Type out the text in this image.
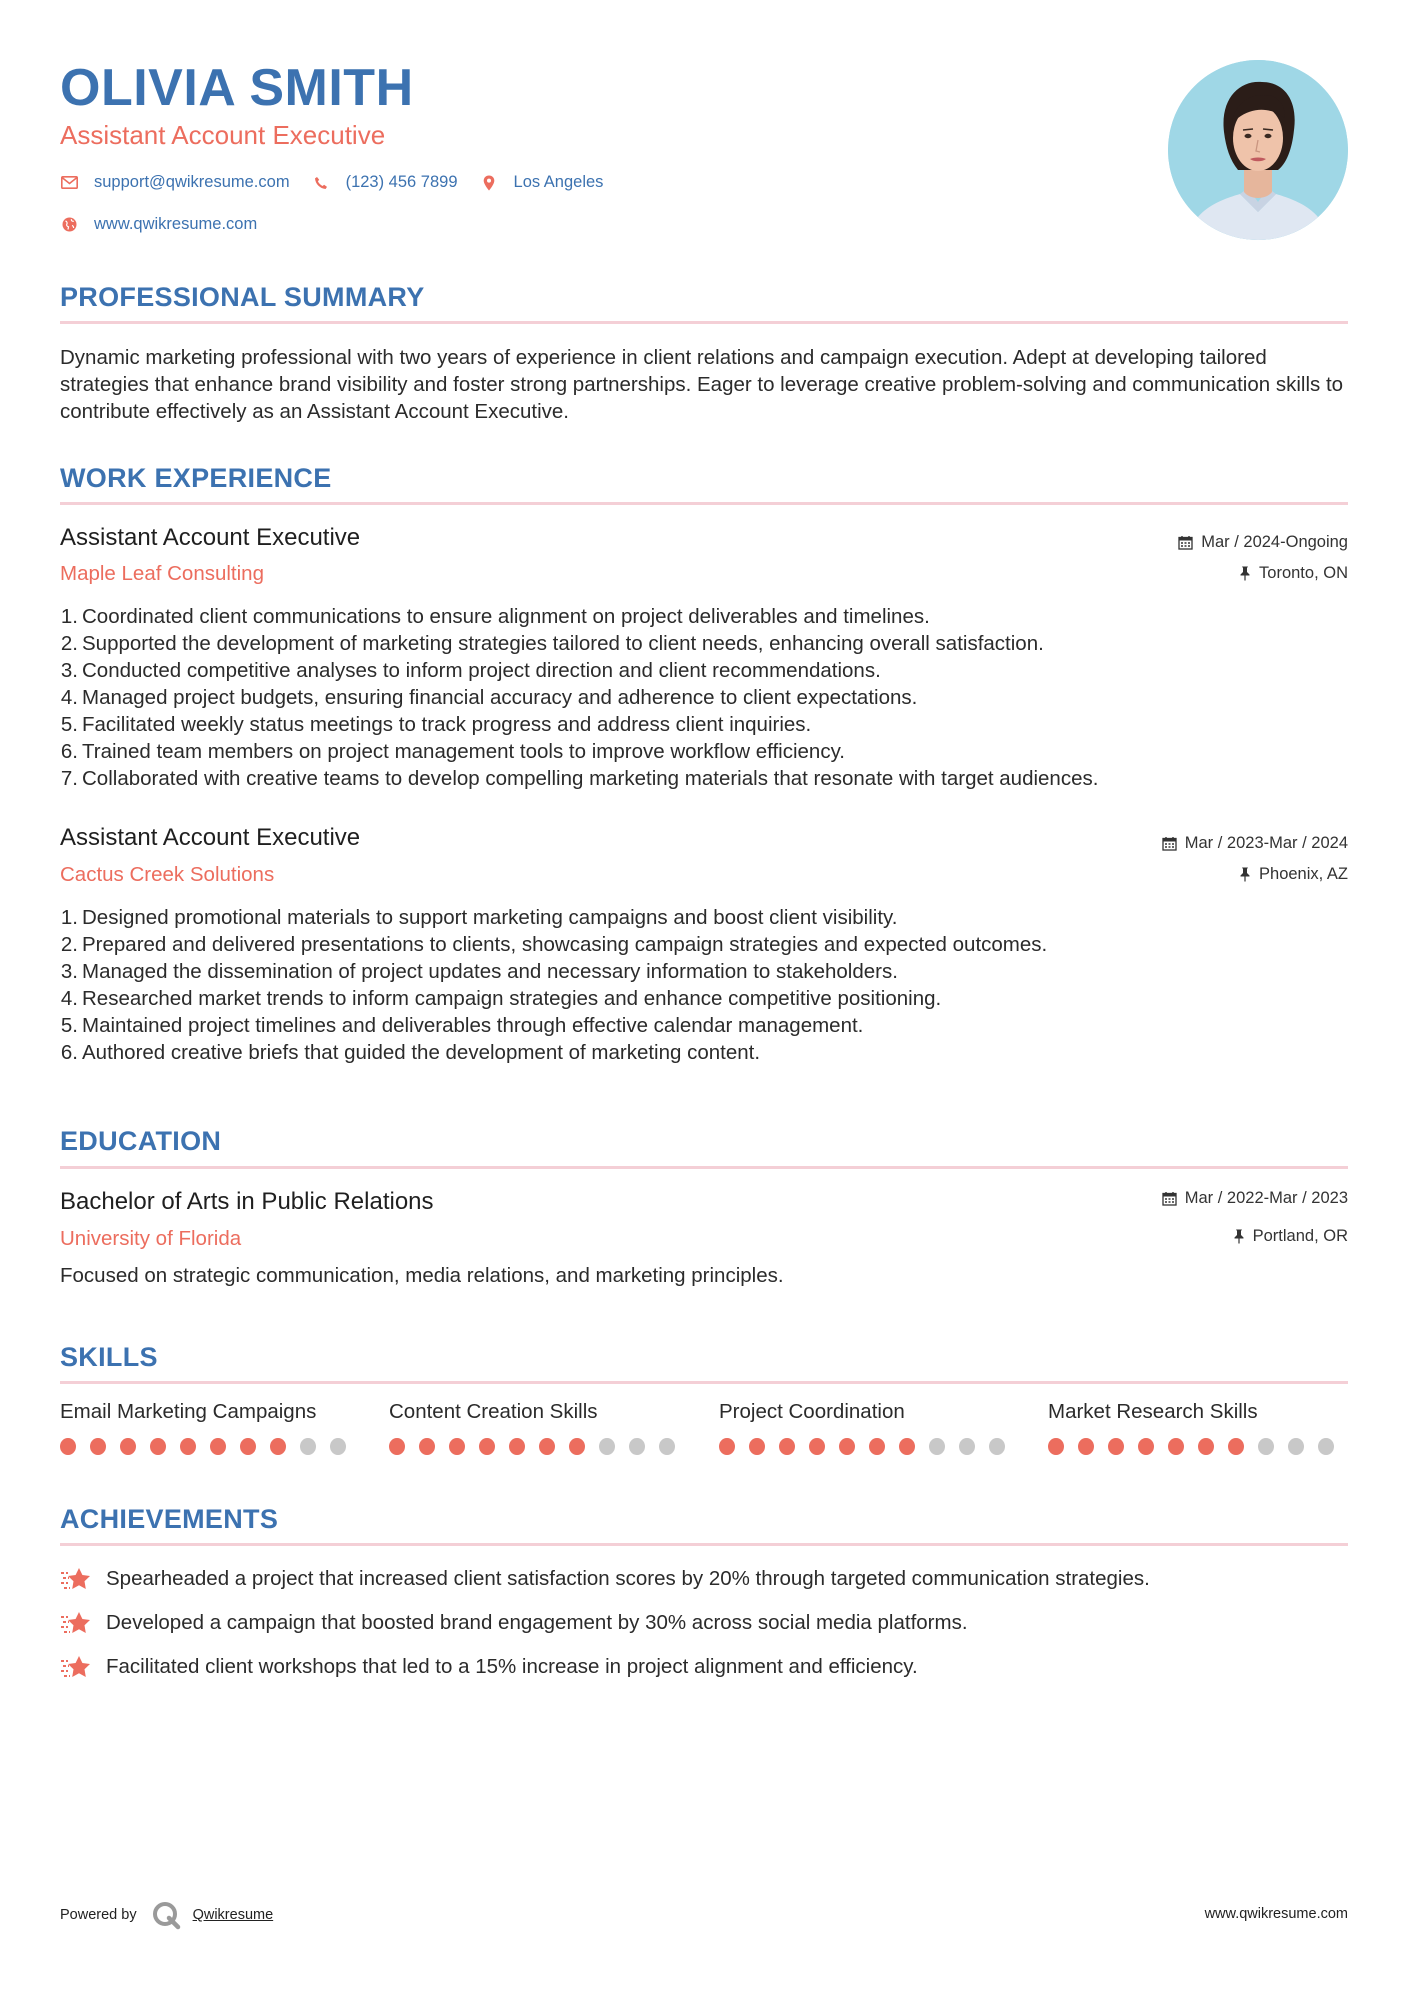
OLIVIA SMITH
Assistant Account Executive
support@qwikresume.com	(123) 456 7899	Los Angeles
www.qwikresume.com
PROFESSIONAL SUMMARY
Dynamic marketing professional with two years of experience in client relations and campaign execution. Adept at developing tailored strategies that enhance brand visibility and foster strong partnerships. Eager to leverage creative problem-solving and communication skills to contribute effectively as an Assistant Account Executive.
WORK EXPERIENCE
Assistant Account Executive	Mar / 2024-Ongoing
Maple Leaf Consulting	Toronto, ON
1. Coordinated client communications to ensure alignment on project deliverables and timelines.
2. Supported the development of marketing strategies tailored to client needs, enhancing overall satisfaction.
3. Conducted competitive analyses to inform project direction and client recommendations.
4. Managed project budgets, ensuring financial accuracy and adherence to client expectations.
5. Facilitated weekly status meetings to track progress and address client inquiries.
6. Trained team members on project management tools to improve workflow efficiency.
7. Collaborated with creative teams to develop compelling marketing materials that resonate with target audiences.
Assistant Account Executive	Mar / 2023-Mar / 2024
Cactus Creek Solutions	Phoenix, AZ
1. Designed promotional materials to support marketing campaigns and boost client visibility.
2. Prepared and delivered presentations to clients, showcasing campaign strategies and expected outcomes.
3. Managed the dissemination of project updates and necessary information to stakeholders.
4. Researched market trends to inform campaign strategies and enhance competitive positioning.
5. Maintained project timelines and deliverables through effective calendar management.
6. Authored creative briefs that guided the development of marketing content.
EDUCATION
Bachelor of Arts in Public Relations	Mar / 2022-Mar / 2023
University of Florida	Portland, OR
Focused on strategic communication, media relations, and marketing principles.
SKILLS
Email Marketing Campaigns	Content Creation Skills	Project Coordination	Market Research Skills
ACHIEVEMENTS
Spearheaded a project that increased client satisfaction scores by 20% through targeted communication strategies.
Developed a campaign that boosted brand engagement by 30% across social media platforms.
Facilitated client workshops that led to a 15% increase in project alignment and efficiency.
Powered by	Qwikresume	www.qwikresume.com
